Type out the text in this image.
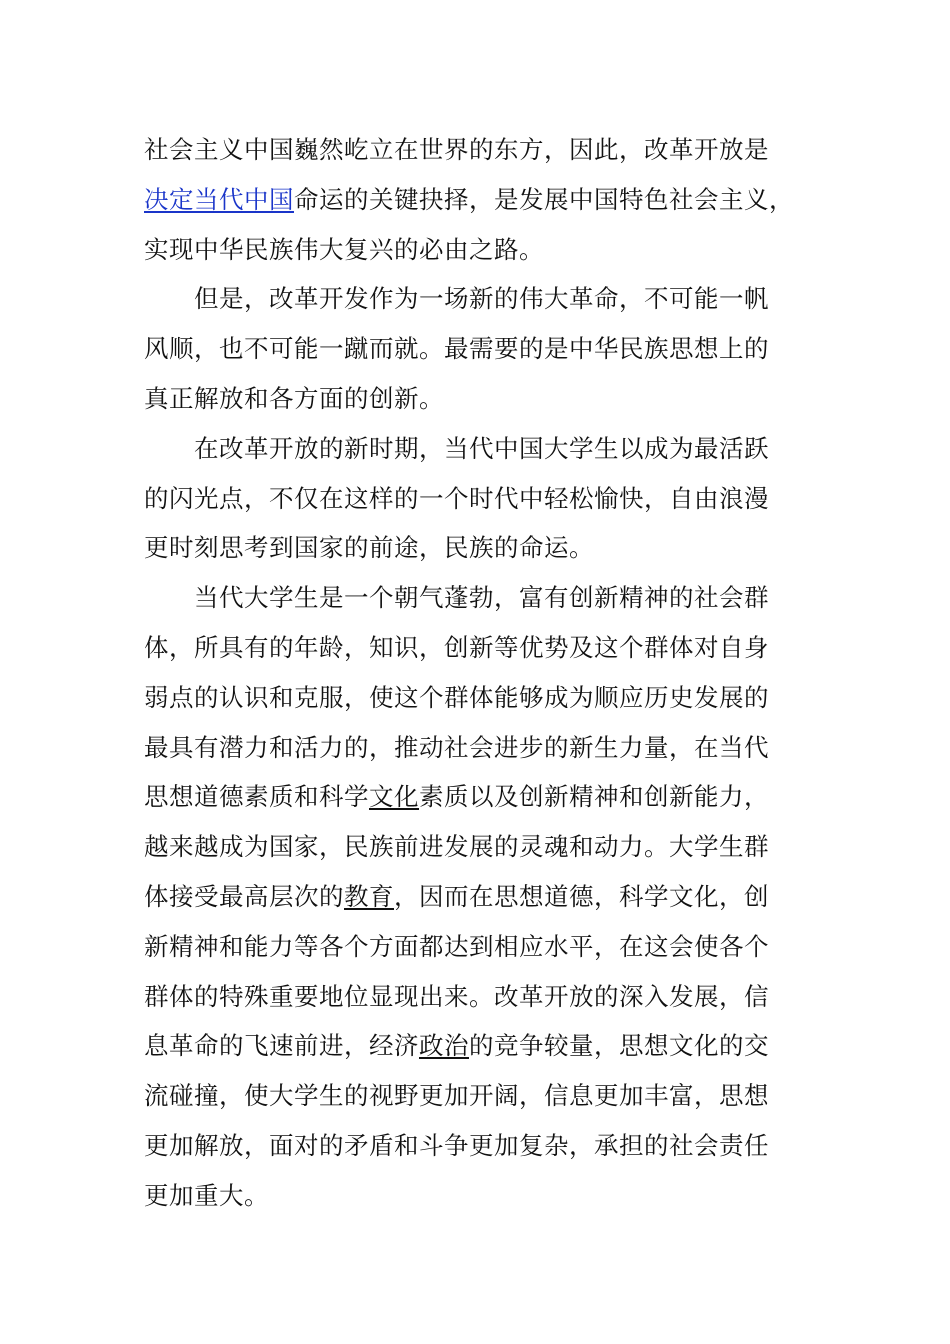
社会主义中国巍然屹立在世界的东方，因此，改革开放是
决定当代中国命运的关键抉择，是发展中国特色社会主义，
实现中华民族伟大复兴的必由之路。
但是，改革开发作为一场新的伟大革命，不可能一帆
风顺，也不可能一蹴而就。最需要的是中华民族思想上的
真正解放和各方面的创新。
在改革开放的新时期，当代中国大学生以成为最活跃
的闪光点，不仅在这样的一个时代中轻松愉快，自由浪漫
更时刻思考到国家的前途，民族的命运。
当代大学生是一个朝气蓬勃，富有创新精神的社会群
体，所具有的年龄，知识，创新等优势及这个群体对自身
弱点的认识和克服，使这个群体能够成为顺应历史发展的
最具有潜力和活力的，推动社会进步的新生力量，在当代
思想道德素质和科学文化素质以及创新精神和创新能力，
越来越成为国家，民族前进发展的灵魂和动力。大学生群
体接受最高层次的教育，因而在思想道德，科学文化，创
新精神和能力等各个方面都达到相应水平，在这会使各个
群体的特殊重要地位显现出来。改革开放的深入发展，信
息革命的飞速前进，经济政治的竞争较量，思想文化的交
流碰撞，使大学生的视野更加开阔，信息更加丰富，思想
更加解放，面对的矛盾和斗争更加复杂，承担的社会责任
更加重大。
